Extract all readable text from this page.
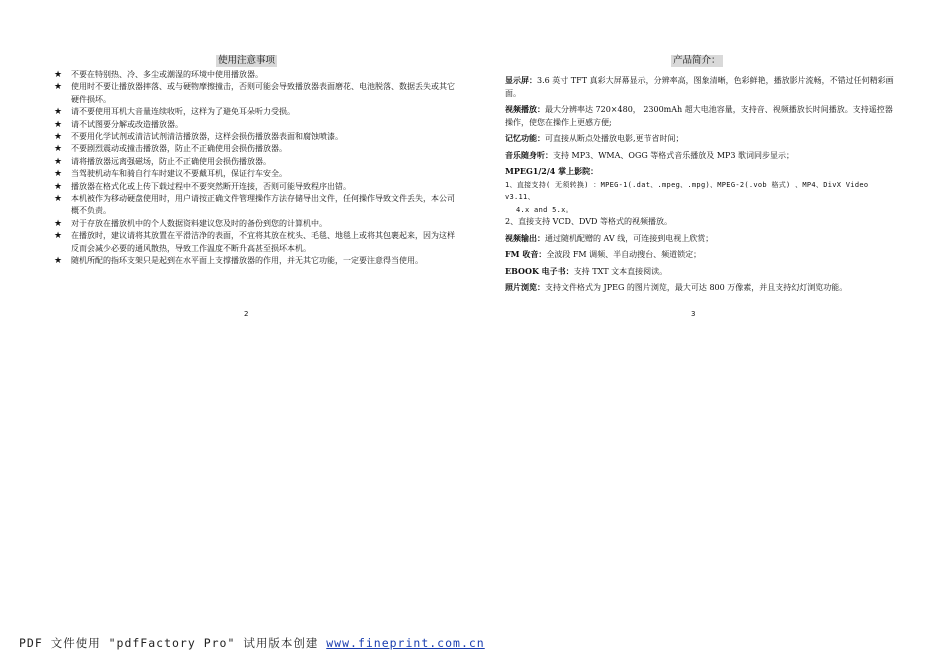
使用注意事项
★ 不要在特别热、冷、多尘或潮湿的环境中使用播放器。
★ 使用时不要让播放器摔落、或与硬物摩擦撞击，否则可能会导致播放器表面磨花、电池脱落、数据丢失或其它硬件损坏。
★ 请不要使用耳机大音量连续收听，这样为了避免耳朵听力受损。
★ 请不试图要分解或改造播放器。
★ 不要用化学试剂或清洁试剂清洁播放器，这样会损伤播放器表面和腐蚀喷漆。
★ 不要剧烈震动或撞击播放器，防止不正确使用会损伤播放器。
★ 请将播放器远离强磁场，防止不正确使用会损伤播放器。
★ 当驾驶机动车和骑自行车时建议不要戴耳机，保证行车安全。
★ 播放器在格式化或上传下载过程中不要突然断开连接，否则可能导致程序出错。
★ 本机被作为移动硬盘使用时，用户请按正确文件管理操作方法存储导出文件，任何操作导致文件丢失，本公司概不负责。
★ 对于存放在播放机中的个人数据资料建议您及时的备份到您的计算机中。
★ 在播放时，建议请将其放置在平滑洁净的表面，不宜将其放在枕头、毛毯、地毯上或将其包裹起来，因为这样反而会减少必要的通风散热，导致工作温度不断升高甚至损坏本机。
★ 随机所配的指环支架只是起到在水平面上支撑播放器的作用，并无其它功能，一定要注意得当使用。
2
产品简介：
显示屏：3.6 英寸 TFT 真彩大屏幕显示，分辨率高，图象清晰，色彩鲜艳，播放影片流畅，不错过任何精彩画面。
视频播放：最大分辨率达 720×480， 2300mAh 超大电池容量，支持音、视频播放长时间播放。支持遥控器操作，使您在操作上更感方便;
记忆功能：可直接从断点处播放电影,更节省时间；
音乐随身听：支持 MP3、WMA、OGG 等格式音乐播放及 MP3 歌词同步显示；
MPEG1/2/4 掌上影院：
1、直接支持( 无须转换) ：MPEG-1(.dat、.mpeg、.mpg)、MPEG-2(.vob 格式) 、MP4、DivX Video v3.11、
4.x and 5.x。
2、直接支持 VCD、DVD 等格式的视频播放。
视频输出：通过随机配赠的 AV 线，可连接到电视上欣赏；
FM 收音：全波段 FM 调频、半自动搜台、频道锁定；
EBOOK 电子书：支持 TXT 文本直接阅读。
照片浏览：支持文件格式为 JPEG 的图片浏览，最大可达 800 万像素，并且支持幻灯浏览功能。
3
PDF 文件使用 "pdfFactory Pro" 试用版本创建 www.fineprint.com.cn
